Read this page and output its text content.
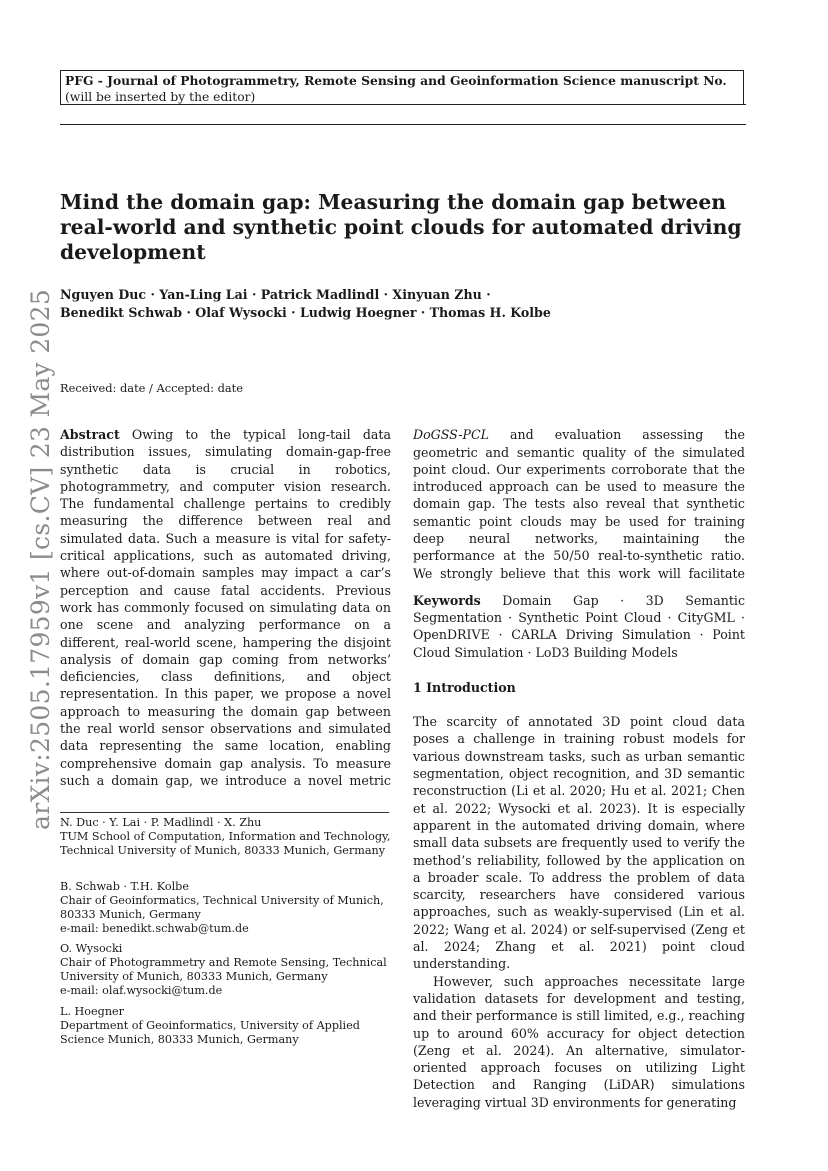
PFG - Journal of Photogrammetry, Remote Sensing and Geoinformation Science manuscript No.
(will be inserted by the editor)
Mind the domain gap: Measuring the domain gap between real-world and synthetic point clouds for automated driving development
Nguyen Duc · Yan-Ling Lai · Patrick Madlindl · Xinyuan Zhu ·
Benedikt Schwab · Olaf Wysocki · Ludwig Hoegner · Thomas H. Kolbe
arXiv:2505.17959v1 [cs.CV] 23 May 2025 Received: date / Accepted: date

Abstract Owing to the typical long-tail data distribution issues, simulating domain-gap-free synthetic data is crucial in robotics, photogrammetry, and computer vision research. The fundamental challenge pertains to credibly measuring the difference between real and simulated data. Such a measure is vital for safety-critical applications, such as automated driving, where out-of-domain samples may impact a car’s perception and cause fatal accidents. Previous work has commonly focused on simulating data on one scene and analyzing performance on a different, real-world scene, hampering the disjoint analysis of domain gap coming from networks’ deficiencies, class definitions, and object representation. In this paper, we propose a novel approach to measuring the domain gap between the real world sensor observations and simulated data representing the same location, enabling comprehensive domain gap analysis. To measure such a domain gap, we introduce a novel metric

DoGSS-PCL and evaluation assessing the geometric and semantic quality of the simulated point cloud. Our experiments corroborate that the introduced approach can be used to measure the domain gap. The tests also reveal that synthetic semantic point clouds may be used for training deep neural networks, maintaining the performance at the 50/50 real-to-synthetic ratio. We strongly believe that this work will facilitate

Keywords Domain Gap · 3D Semantic Segmentation · Synthetic Point Cloud · CityGML · OpenDRIVE · CARLA Driving Simulation · Point Cloud Simulation · LoD3 Building Models

1 Introduction

The scarcity of annotated 3D point cloud data poses a challenge in training robust models for various downstream tasks, such as urban semantic segmentation, object recognition, and 3D semantic reconstruction (Li et al. 2020; Hu et al. 2021; Chen et al. 2022; Wysocki et al. 2023). It is especially apparent in the automated driving domain, where small data subsets are frequently used to verify the method’s reliability, followed by the application on a broader scale. To address the problem of data scarcity, researchers have considered various approaches, such as weakly-supervised (Lin et al. 2022; Wang et al. 2024) or self-supervised (Zeng et al. 2024; Zhang et al. 2021) point cloud understanding.

However, such approaches necessitate large validation datasets for development and testing, and their performance is still limited, e.g., reaching up to around 60% accuracy for object detection (Zeng et al. 2024). An alternative, simulator-oriented approach focuses on utilizing Light Detection and Ranging (LiDAR) simulations leveraging virtual 3D environments for generating

N. Duc · Y. Lai · P. Madlindl · X. Zhu
TUM School of Computation, Information and Technology, Technical University of Munich, 80333 Munich, Germany
B. Schwab · T.H. Kolbe
Chair of Geoinformatics, Technical University of Munich, 80333 Munich, Germany
e-mail: benedikt.schwab@tum.de
O. Wysocki
Chair of Photogrammetry and Remote Sensing, Technical University of Munich, 80333 Munich, Germany
e-mail: olaf.wysocki@tum.de
L. Hoegner
Department of Geoinformatics, University of Applied Science Munich, 80333 Munich, Germany
